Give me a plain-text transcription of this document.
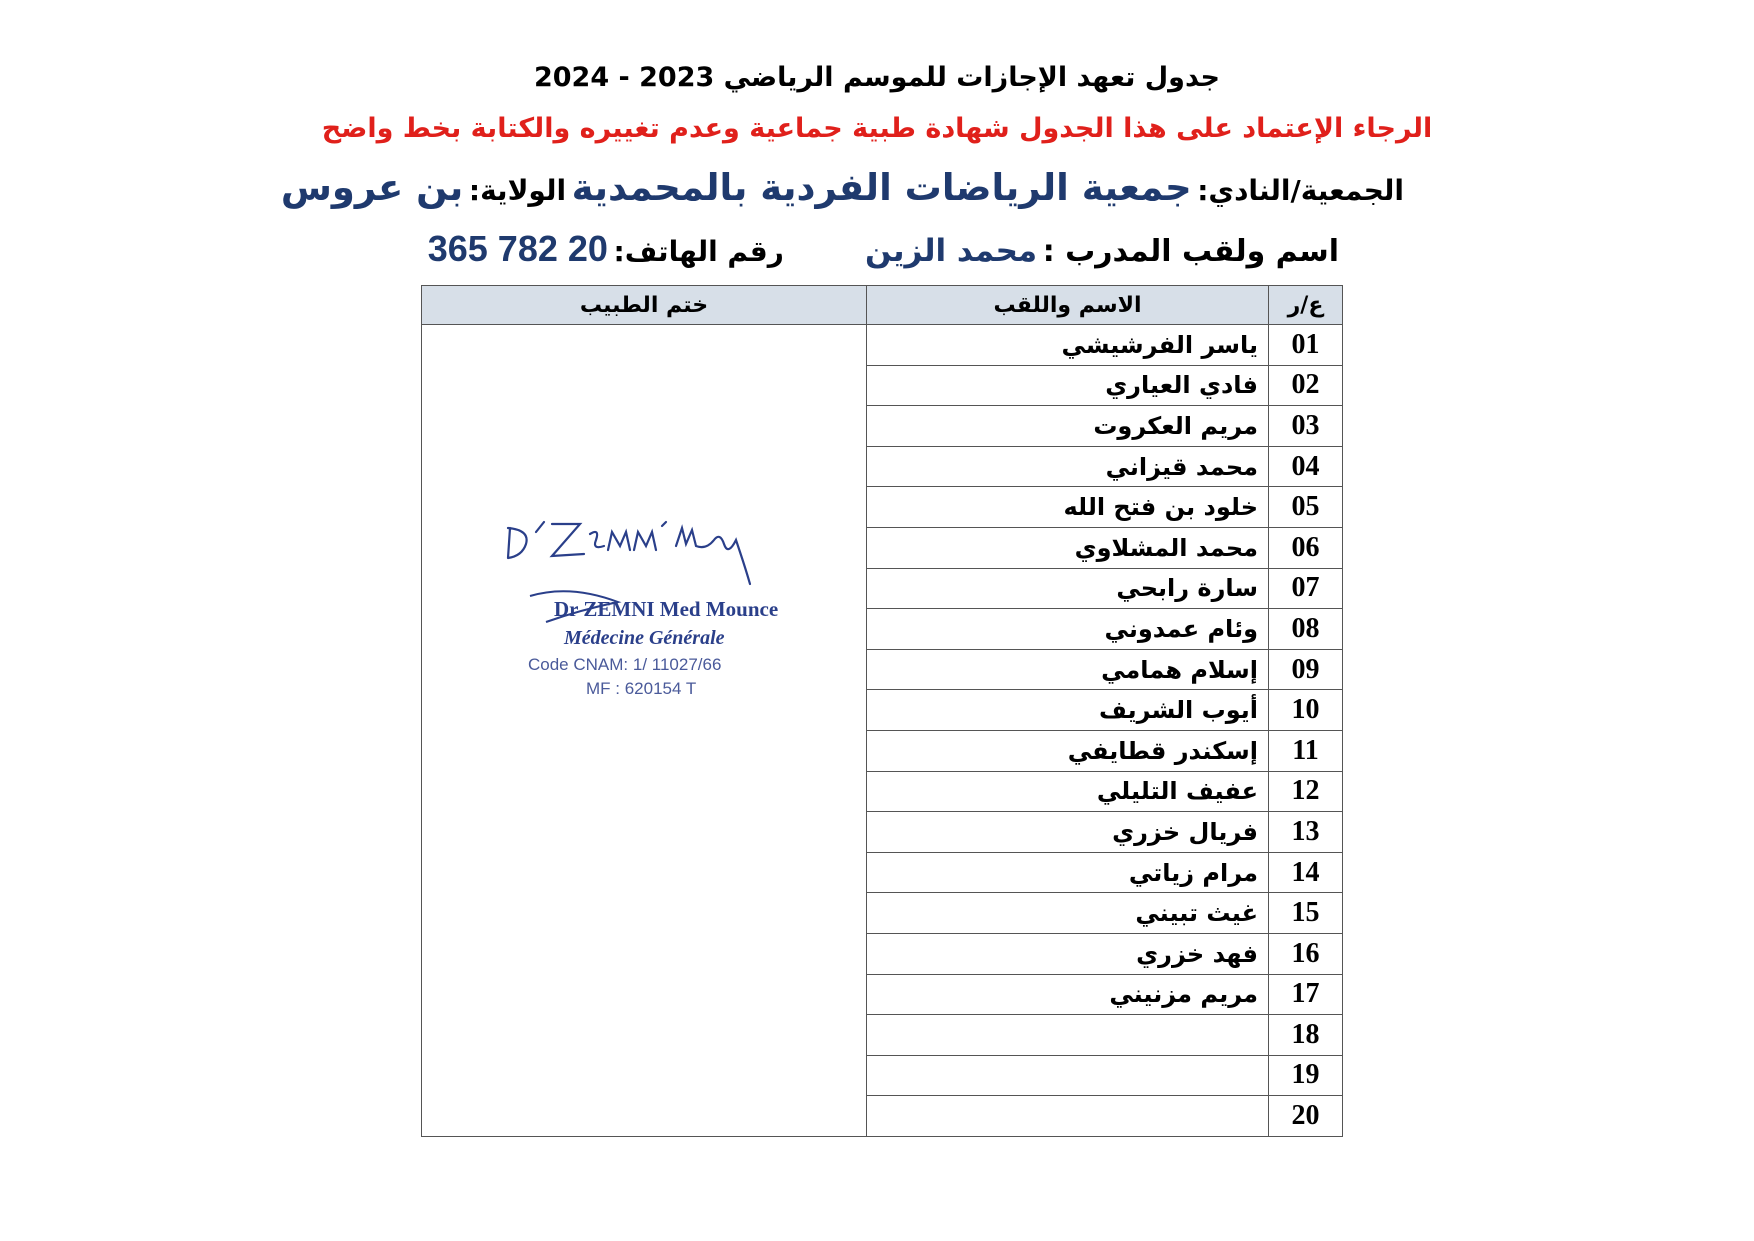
جدول تعهد الإجازات للموسم الرياضي 2023 - 2024
الرجاء الإعتماد على هذا الجدول شهادة طبية جماعية وعدم تغييره والكتابة بخط واضح
الجمعية/النادي: جمعية الرياضات الفردية بالمحمدية الولاية: بن عروس
اسم ولقب المدرب : محمد الزين  رقم الهاتف: 20 782 365
ع/ر	الاسم واللقب	ختم الطبيب
01	ياسر الفرشيشي	
02	فادي العياري	
03	مريم العكروت	
04	محمد قيزاني	
05	خلود بن فتح الله	
06	محمد المشلاوي	
07	سارة رابحي	
08	وئام عمدوني	
09	إسلام همامي	
10	أيوب الشريف	
11	إسكندر قطايفي	
12	عفيف التليلي	
13	فريال خزري	
14	مرام زياتي	
15	غيث تبيني	
16	فهد خزري	
17	مريم مزنيني	
18		
19		
20		
Dr ZEMNI Med Mounce
Médecine Générale
Code CNAM: 1/ 11027/66
MF : 620154 T
